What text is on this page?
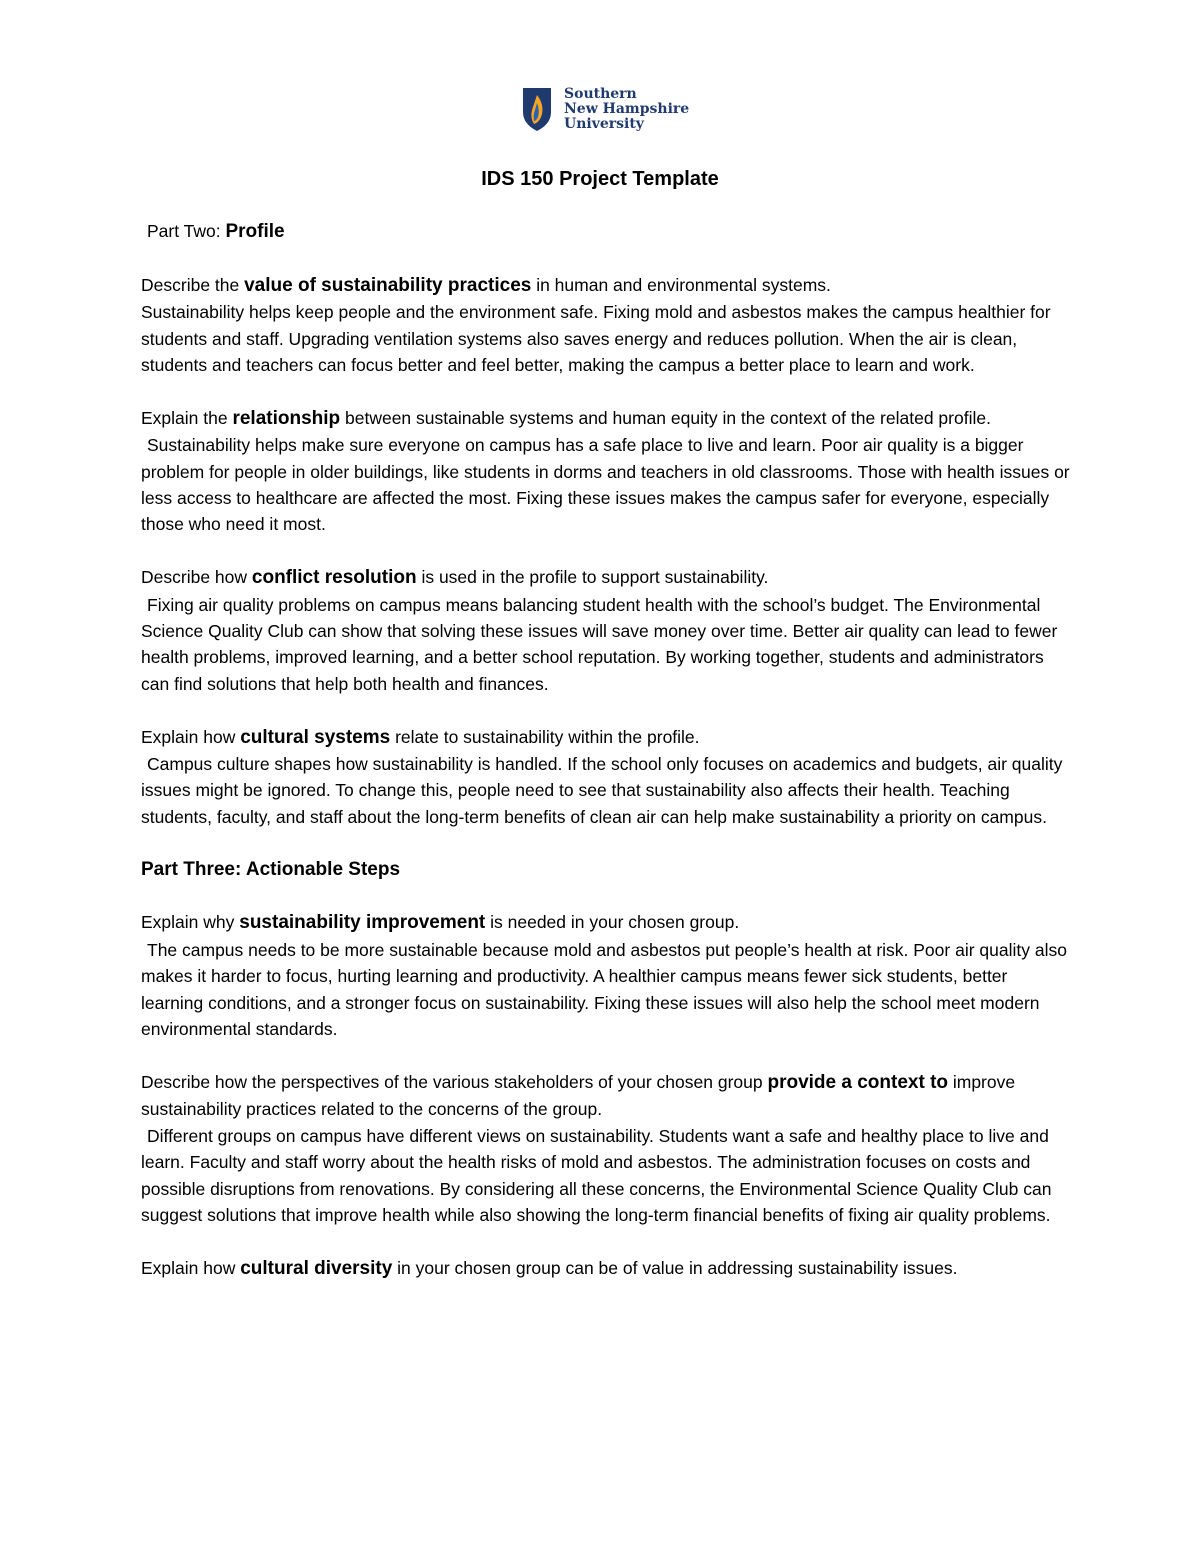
Southern
New Hampshire
University
IDS 150 Project Template

Part Two: Profile

Describe the value of sustainability practices in human and environmental systems.

Sustainability helps keep people and the environment safe. Fixing mold and asbestos makes the campus healthier for students and staff. Upgrading ventilation systems also saves energy and reduces pollution. When the air is clean, students and teachers can focus better and feel better, making the campus a better place to learn and work.

Explain the relationship between sustainable systems and human equity in the context of the related profile.

Sustainability helps make sure everyone on campus has a safe place to live and learn. Poor air quality is a bigger problem for people in older buildings, like students in dorms and teachers in old classrooms. Those with health issues or less access to healthcare are affected the most. Fixing these issues makes the campus safer for everyone, especially those who need it most.

Describe how conflict resolution is used in the profile to support sustainability.

Fixing air quality problems on campus means balancing student health with the school’s budget. The Environmental Science Quality Club can show that solving these issues will save money over time. Better air quality can lead to fewer health problems, improved learning, and a better school reputation. By working together, students and administrators can find solutions that help both health and finances.

Explain how cultural systems relate to sustainability within the profile.

Campus culture shapes how sustainability is handled. If the school only focuses on academics and budgets, air quality issues might be ignored. To change this, people need to see that sustainability also affects their health. Teaching students, faculty, and staff about the long-term benefits of clean air can help make sustainability a priority on campus.

Part Three: Actionable Steps

Explain why sustainability improvement is needed in your chosen group.

The campus needs to be more sustainable because mold and asbestos put people’s health at risk. Poor air quality also makes it harder to focus, hurting learning and productivity. A healthier campus means fewer sick students, better learning conditions, and a stronger focus on sustainability. Fixing these issues will also help the school meet modern environmental standards.

Describe how the perspectives of the various stakeholders of your chosen group provide a context to improve sustainability practices related to the concerns of the group.

Different groups on campus have different views on sustainability. Students want a safe and healthy place to live and learn. Faculty and staff worry about the health risks of mold and asbestos. The administration focuses on costs and possible disruptions from renovations. By considering all these concerns, the Environmental Science Quality Club can suggest solutions that improve health while also showing the long-term financial benefits of fixing air quality problems.

Explain how cultural diversity in your chosen group can be of value in addressing sustainability issues.
